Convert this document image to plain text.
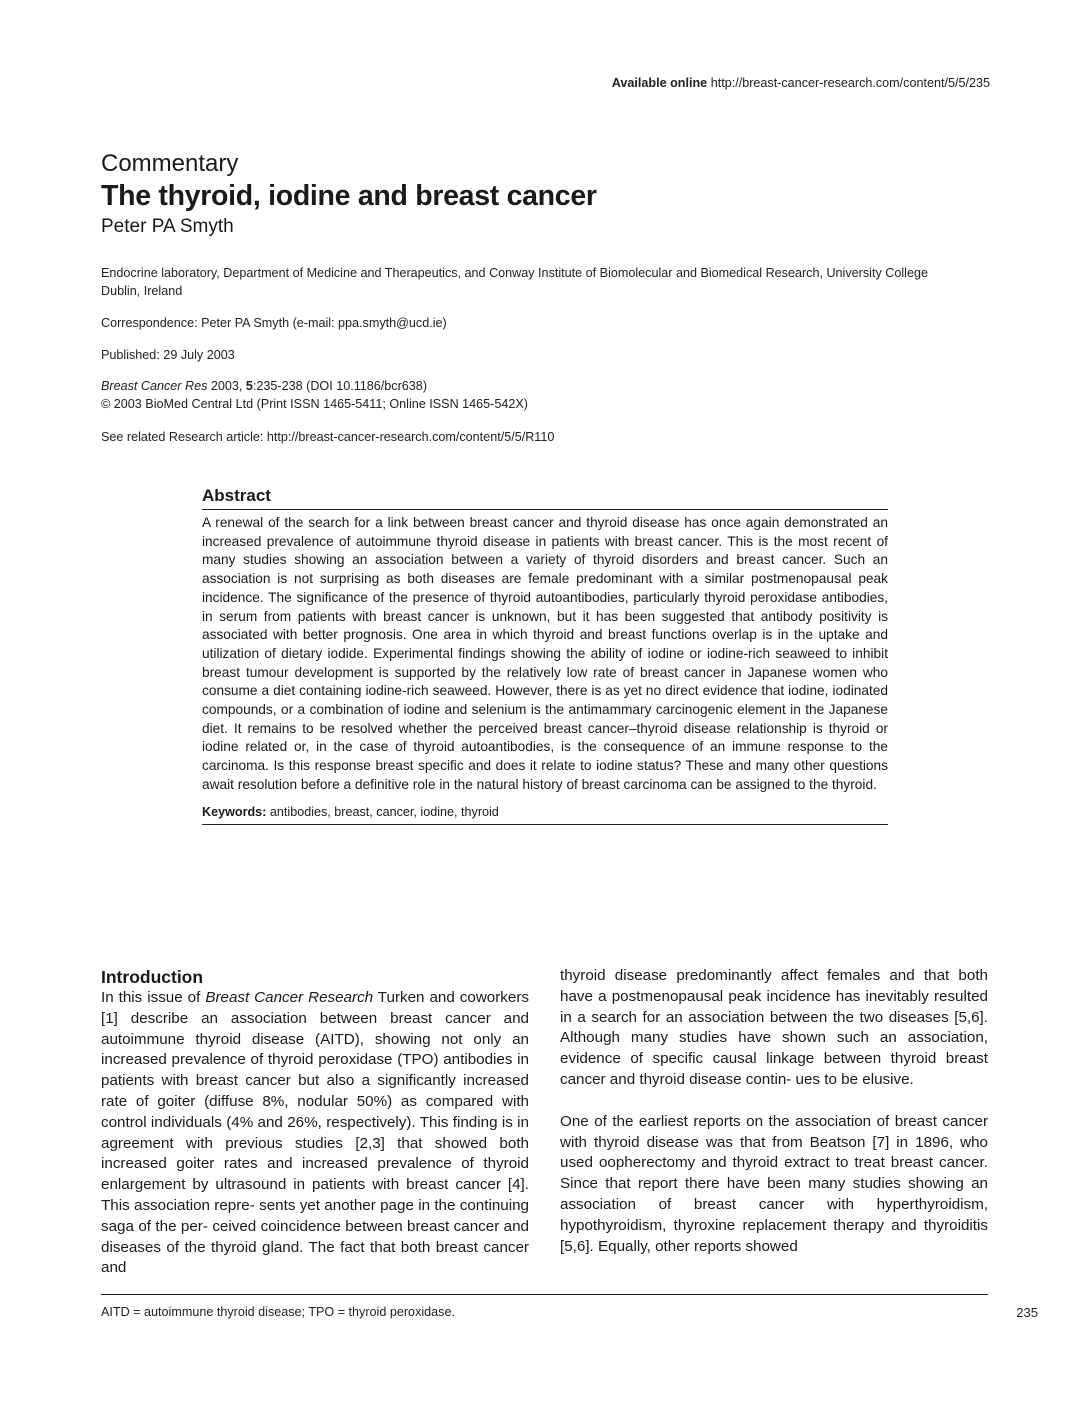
Available online http://breast-cancer-research.com/content/5/5/235
Commentary
The thyroid, iodine and breast cancer
Peter PA Smyth
Endocrine laboratory, Department of Medicine and Therapeutics, and Conway Institute of Biomolecular and Biomedical Research, University College Dublin, Ireland
Correspondence: Peter PA Smyth (e-mail: ppa.smyth@ucd.ie)
Published: 29 July 2003
Breast Cancer Res 2003, 5:235-238 (DOI 10.1186/bcr638)
© 2003 BioMed Central Ltd (Print ISSN 1465-5411; Online ISSN 1465-542X)
See related Research article: http://breast-cancer-research.com/content/5/5/R110
Abstract

A renewal of the search for a link between breast cancer and thyroid disease has once again demonstrated an increased prevalence of autoimmune thyroid disease in patients with breast cancer. This is the most recent of many studies showing an association between a variety of thyroid disorders and breast cancer. Such an association is not surprising as both diseases are female predominant with a similar postmenopausal peak incidence. The significance of the presence of thyroid autoantibodies, particularly thyroid peroxidase antibodies, in serum from patients with breast cancer is unknown, but it has been suggested that antibody positivity is associated with better prognosis. One area in which thyroid and breast functions overlap is in the uptake and utilization of dietary iodide. Experimental findings showing the ability of iodine or iodine-rich seaweed to inhibit breast tumour development is supported by the relatively low rate of breast cancer in Japanese women who consume a diet containing iodine-rich seaweed. However, there is as yet no direct evidence that iodine, iodinated compounds, or a combination of iodine and selenium is the antimammary carcinogenic element in the Japanese diet. It remains to be resolved whether the perceived breast cancer–thyroid disease relationship is thyroid or iodine related or, in the case of thyroid autoantibodies, is the consequence of an immune response to the carcinoma. Is this response breast specific and does it relate to iodine status? These and many other questions await resolution before a definitive role in the natural history of breast carcinoma can be assigned to the thyroid.

Keywords: antibodies, breast, cancer, iodine, thyroid
Introduction

In this issue of Breast Cancer Research Turken and coworkers [1] describe an association between breast cancer and autoimmune thyroid disease (AITD), showing not only an increased prevalence of thyroid peroxidase (TPO) antibodies in patients with breast cancer but also a significantly increased rate of goiter (diffuse 8%, nodular 50%) as compared with control individuals (4% and 26%, respectively). This finding is in agreement with previous studies [2,3] that showed both increased goiter rates and increased prevalence of thyroid enlargement by ultrasound in patients with breast cancer [4]. This association repre- sents yet another page in the continuing saga of the per- ceived coincidence between breast cancer and diseases of the thyroid gland. The fact that both breast cancer and

thyroid disease predominantly affect females and that both have a postmenopausal peak incidence has inevitably resulted in a search for an association between the two diseases [5,6]. Although many studies have shown such an association, evidence of specific causal linkage between thyroid breast cancer and thyroid disease contin- ues to be elusive.

One of the earliest reports on the association of breast cancer with thyroid disease was that from Beatson [7] in 1896, who used oopherectomy and thyroid extract to treat breast cancer. Since that report there have been many studies showing an association of breast cancer with hyperthyroidism, hypothyroidism, thyroxine replacement therapy and thyroiditis [5,6]. Equally, other reports showed

AITD = autoimmune thyroid disease; TPO = thyroid peroxidase.	235
